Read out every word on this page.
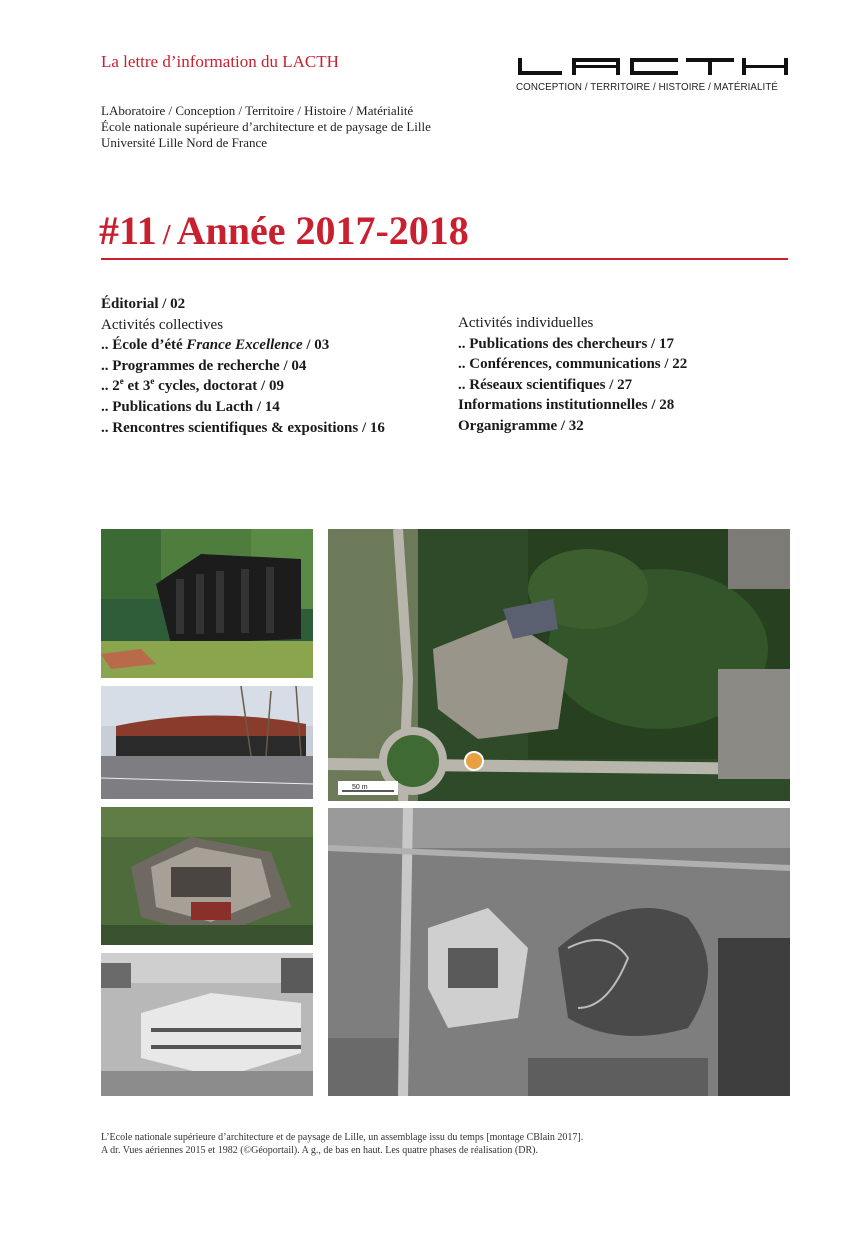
La lettre d’information du LACTH
CONCEPTION / TERRITOIRE / HISTOIRE / MATÉRIALITÉ
LAboratoire / Conception / Territoire / Histoire / Matérialité
École nationale supérieure d’architecture et de paysage de Lille
Université Lille Nord de France
#11 / Année 2017-2018
Éditorial / 02
Activités collectives
.. École d’été France Excellence / 03
.. Programmes de recherche / 04
.. 2e et 3e cycles, doctorat / 09
.. Publications du Lacth / 14
.. Rencontres scientifiques & expositions / 16
Activités individuelles
.. Publications des chercheurs / 17
.. Conférences, communications / 22
.. Réseaux scientifiques / 27
Informations institutionnelles / 28
Organigramme / 32
50 m
L’Ecole nationale supérieure d’architecture et de paysage de Lille, un assemblage issu du temps [montage CBlain 2017].
A dr. Vues aériennes 2015 et 1982 (©Géoportail). A g., de bas en haut. Les quatre phases de réalisation (DR).
